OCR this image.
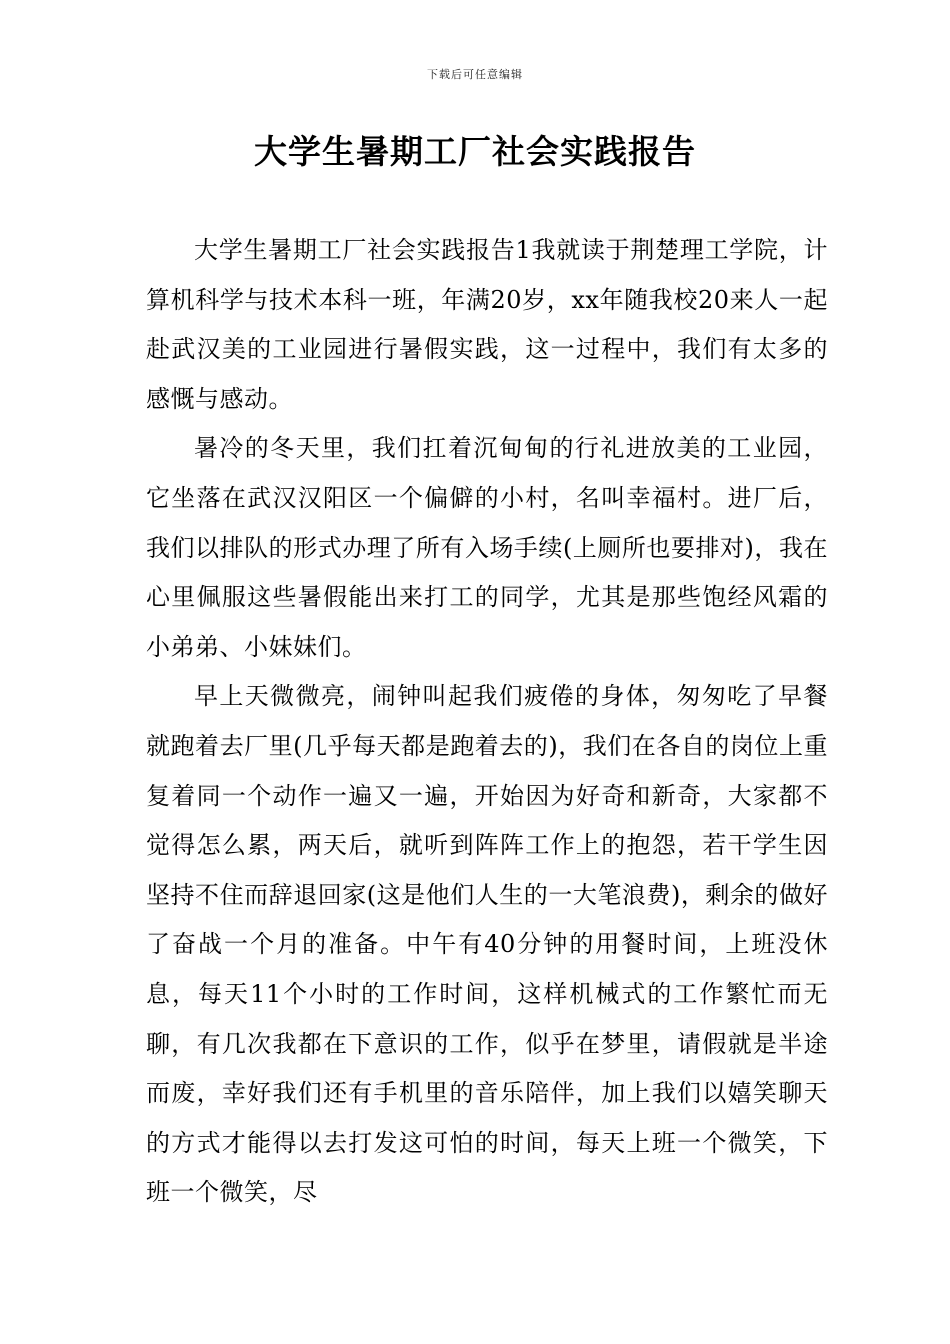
下载后可任意编辑
大学生暑期工厂社会实践报告

大学生暑期工厂社会实践报告1我就读于荆楚理工学院，计算机科学与技术本科一班，年满20岁，xx年随我校20来人一起赴武汉美的工业园进行暑假实践，这一过程中，我们有太多的感慨与感动。

暑冷的冬天里，我们扛着沉甸甸的行礼进放美的工业园，它坐落在武汉汉阳区一个偏僻的小村，名叫幸福村。进厂后，我们以排队的形式办理了所有入场手续(上厕所也要排对)，我在心里佩服这些暑假能出来打工的同学，尤其是那些饱经风霜的小弟弟、小妹妹们。

早上天微微亮，闹钟叫起我们疲倦的身体，匆匆吃了早餐就跑着去厂里(几乎每天都是跑着去的)，我们在各自的岗位上重复着同一个动作一遍又一遍，开始因为好奇和新奇，大家都不觉得怎么累，两天后，就听到阵阵工作上的抱怨，若干学生因坚持不住而辞退回家(这是他们人生的一大笔浪费)，剩余的做好了奋战一个月的准备。中午有40分钟的用餐时间，上班没休息，每天11个小时的工作时间，这样机械式的工作繁忙而无聊，有几次我都在下意识的工作，似乎在梦里，请假就是半途而废，幸好我们还有手机里的音乐陪伴，加上我们以嬉笑聊天的方式才能得以去打发这可怕的时间，每天上班一个微笑，下班一个微笑，尽
